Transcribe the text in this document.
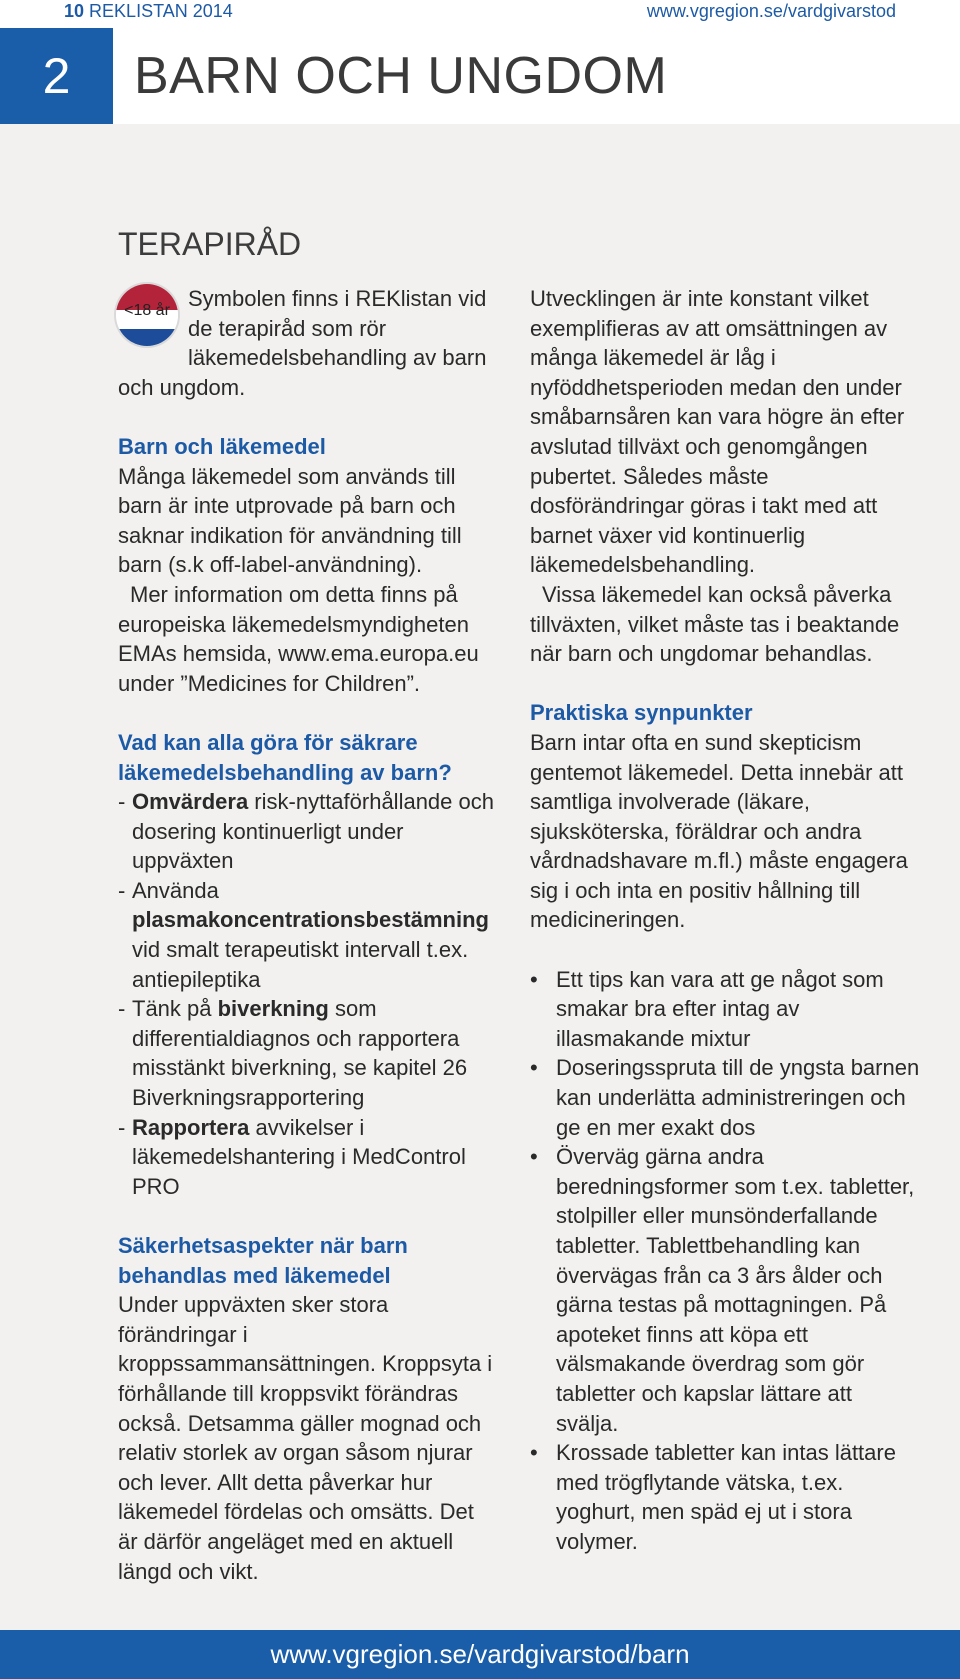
10 REKLISTAN 2014	www.vgregion.se/vardgivarstod
2	BARN OCH UNGDOM
TERAPIRÅD
<18 år Symbolen finns i REKlistan vid de terapiråd som rör läkemedelsbehandling av barn och ungdom.

Barn och läkemedel

Många läkemedel som används till barn är inte utprovade på barn och saknar indikation för användning till barn (s.k off-label-användning).

Mer information om detta finns på europeiska läkemedelsmyndigheten EMAs hemsida, www.ema.europa.eu under ”Medicines for Children”.

Vad kan alla göra för säkrare läkemedelsbehandling av barn?

- Omvärdera risk-nyttaförhållande och dosering kontinuerligt under uppväxten
- Använda plasmakoncentrationsbestämning vid smalt terapeutiskt intervall t.ex. antiepileptika
- Tänk på biverkning som differentialdiagnos och rapportera misstänkt biverkning, se kapitel 26 Biverkningsrapportering
- Rapportera avvikelser i läkemedelshantering i MedControl PRO

Säkerhetsaspekter när barn behandlas med läkemedel

Under uppväxten sker stora förändringar i kroppssammansättningen. Kroppsyta i förhållande till kroppsvikt förändras också. Detsamma gäller mognad och relativ storlek av organ såsom njurar och lever. Allt detta påverkar hur läkemedel fördelas och omsätts. Det är därför angeläget med en aktuell längd och vikt.

Utvecklingen är inte konstant vilket exemplifieras av att omsättningen av många läkemedel är låg i nyföddhetsperioden medan den under småbarnsåren kan vara högre än efter avslutad tillväxt och genomgången pubertet. Således måste dosförändringar göras i takt med att barnet växer vid kontinuerlig läkemedelsbehandling.

Vissa läkemedel kan också påverka tillväxten, vilket måste tas i beaktande när barn och ungdomar behandlas.

Praktiska synpunkter

Barn intar ofta en sund skepticism gentemot läkemedel. Detta innebär att samtliga involverade (läkare, sjuksköterska, föräldrar och andra vårdnadshavare m.fl.) måste engagera sig i och inta en positiv hållning till medicineringen.

• Ett tips kan vara att ge något som smakar bra efter intag av illasmakande mixtur
• Doseringsspruta till de yngsta barnen kan underlätta administreringen och ge en mer exakt dos
• Överväg gärna andra beredningsformer som t.ex. tabletter, stolpiller eller munsönderfallande tabletter. Tablettbehandling kan övervägas från ca 3 års ålder och gärna testas på mottagningen. På apoteket finns att köpa ett välsmakande överdrag som gör tabletter och kapslar lättare att svälja.
• Krossade tabletter kan intas lättare med trögflytande vätska, t.ex. yoghurt, men späd ej ut i stora volymer.
www.vgregion.se/vardgivarstod/barn
